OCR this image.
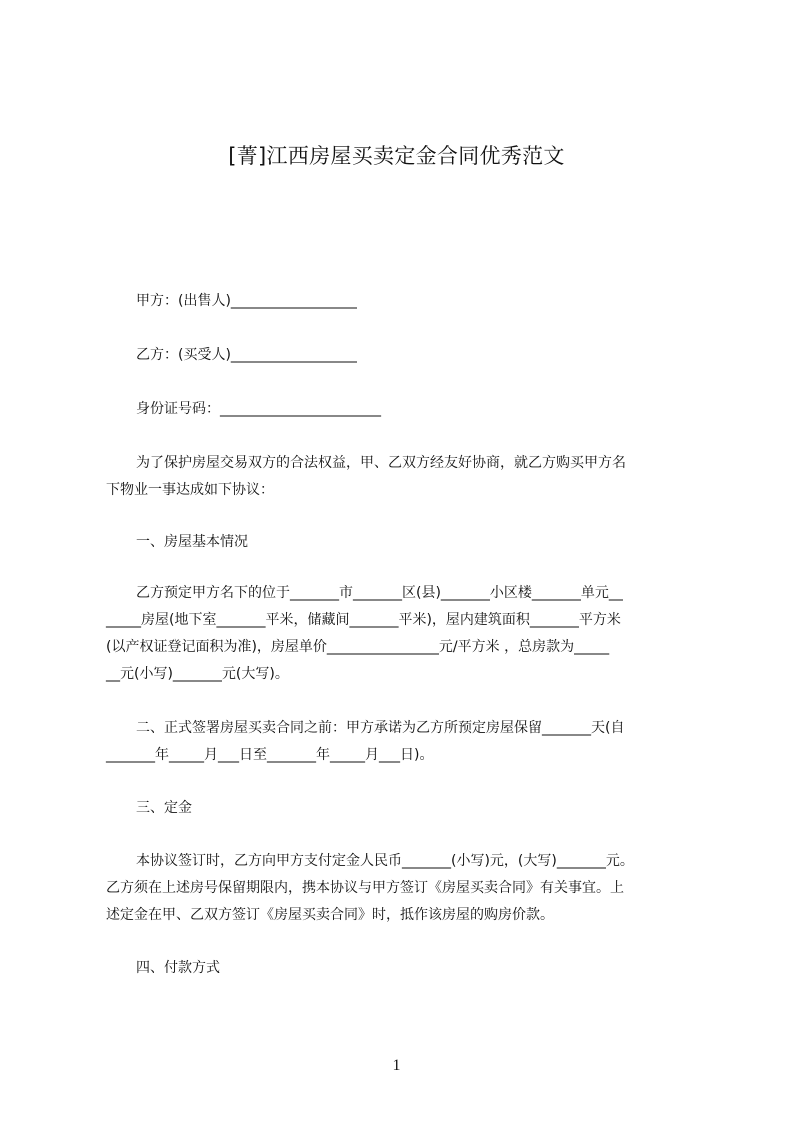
[菁]江西房屋买卖定金合同优秀范文
甲方：(出售人)__________________
乙方：(买受人)__________________
身份证号码：_______________________
为了保护房屋交易双方的合法权益，甲、乙双方经友好协商，就乙方购买甲方名
下物业一事达成如下协议：
一、房屋基本情况
乙方预定甲方名下的位于_______市_______区(县)_______小区楼_______单元__
_____房屋(地下室_______平米，储藏间_______平米)，屋内建筑面积_______平方米
(以产权证登记面积为准)，房屋单价________________元/平方米 ，总房款为_____
__元(小写)_______元(大写)。
二、正式签署房屋买卖合同之前：甲方承诺为乙方所预定房屋保留_______天(自
_______年_____月___日至_______年_____月___日)。
三、定金
本协议签订时，乙方向甲方支付定金人民币_______(小写)元，(大写)_______元。
乙方须在上述房号保留期限内，携本协议与甲方签订《房屋买卖合同》有关事宜。上
述定金在甲、乙双方签订《房屋买卖合同》时，抵作该房屋的购房价款。
四、付款方式
1
